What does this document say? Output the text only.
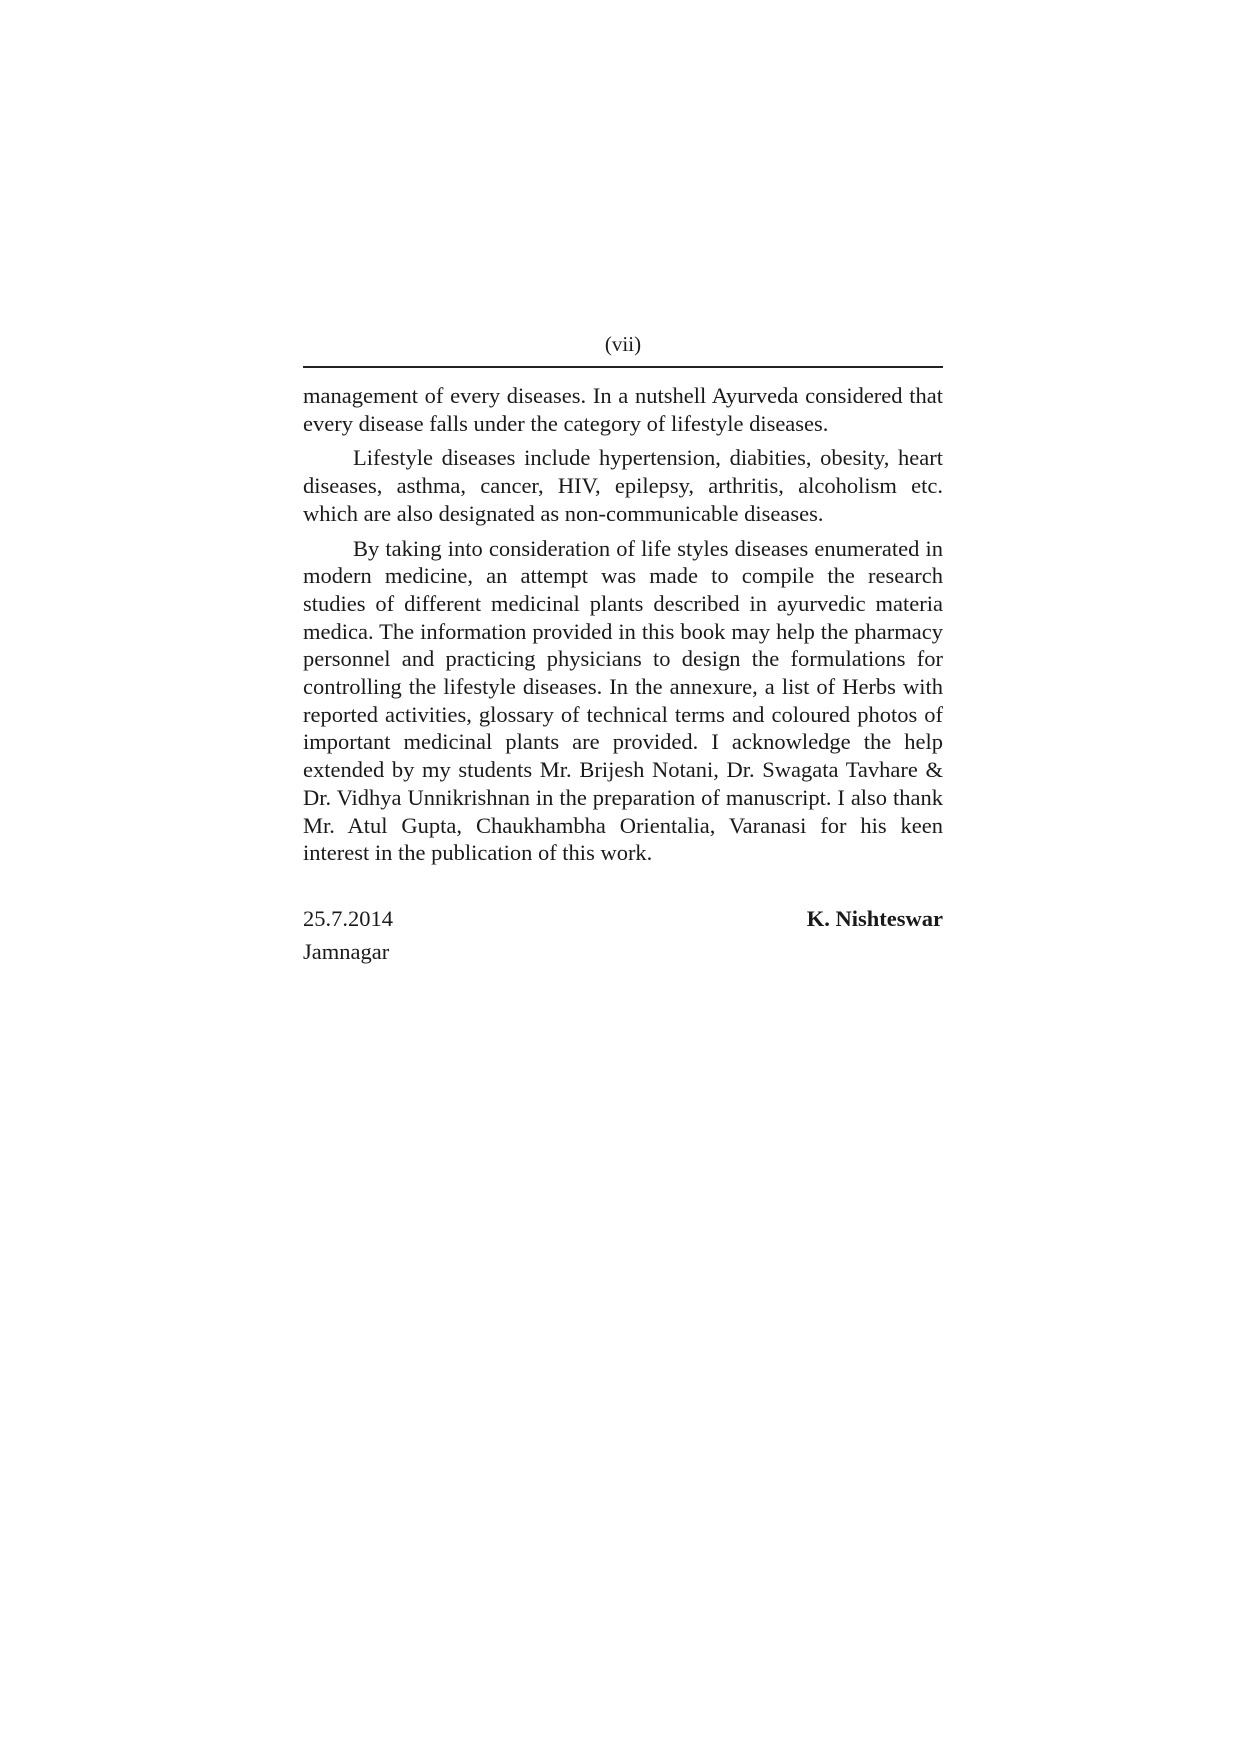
(vii)

management of every diseases. In a nutshell Ayurveda considered that every disease falls under the category of lifestyle diseases.

Lifestyle diseases include hypertension, diabities, obesity, heart diseases, asthma, cancer, HIV, epilepsy, arthritis, alcoholism etc. which are also designated as non-communicable diseases.

By taking into consideration of life styles diseases enumerated in modern medicine, an attempt was made to compile the research studies of different medicinal plants described in ayurvedic materia medica. The information provided in this book may help the pharmacy personnel and practicing physicians to design the formulations for controlling the lifestyle diseases. In the annexure, a list of Herbs with reported activities, glossary of technical terms and coloured photos of important medicinal plants are provided. I acknowledge the help extended by my students Mr. Brijesh Notani, Dr. Swagata Tavhare & Dr. Vidhya Unnikrishnan in the preparation of manuscript. I also thank Mr. Atul Gupta, Chaukhambha Orientalia, Varanasi for his keen interest in the publication of this work.

25.7.2014	K. Nishteswar
Jamnagar
